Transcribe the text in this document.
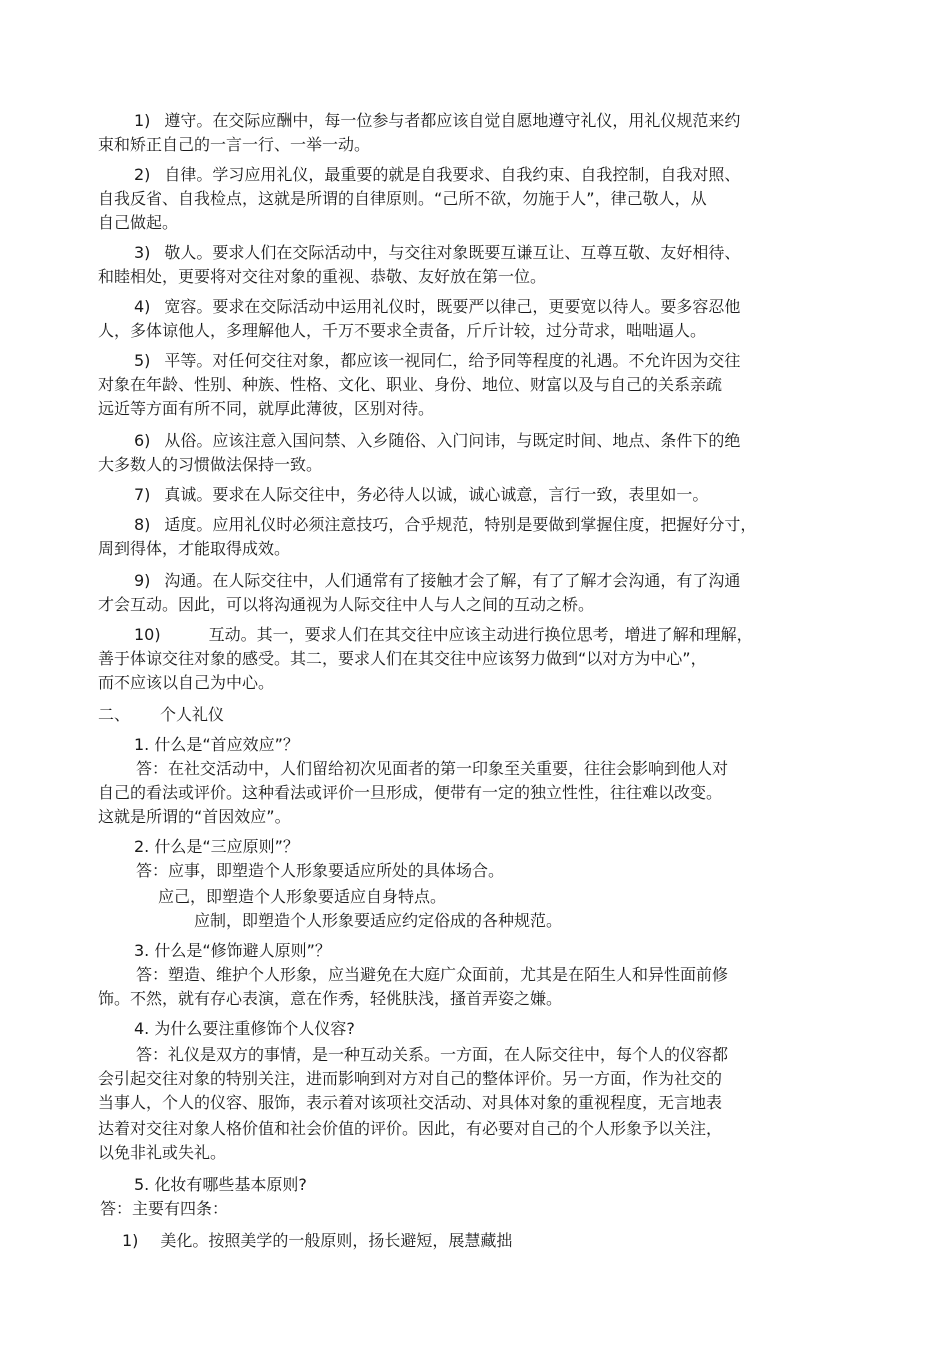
1) 遵守。在交际应酬中，每一位参与者都应该自觉自愿地遵守礼仪，用礼仪规范来约
束和矫正自己的一言一行、一举一动。
2) 自律。学习应用礼仪，最重要的就是自我要求、自我约束、自我控制，自我对照、
自我反省、自我检点，这就是所谓的自律原则。“己所不欲，勿施于人”，律己敬人，从
自己做起。
3) 敬人。要求人们在交际活动中，与交往对象既要互谦互让、互尊互敬、友好相待、
和睦相处，更要将对交往对象的重视、恭敬、友好放在第一位。
4) 宽容。要求在交际活动中运用礼仪时，既要严以律己，更要宽以待人。要多容忍他
人，多体谅他人，多理解他人，千万不要求全责备，斤斤计较，过分苛求，咄咄逼人。
5) 平等。对任何交往对象，都应该一视同仁，给予同等程度的礼遇。不允许因为交往
对象在年龄、性别、种族、性格、文化、职业、身份、地位、财富以及与自己的关系亲疏
远近等方面有所不同，就厚此薄彼，区别对待。
6) 从俗。应该注意入国问禁、入乡随俗、入门问讳，与既定时间、地点、条件下的绝
大多数人的习惯做法保持一致。
7) 真诚。要求在人际交往中，务必待人以诚，诚心诚意，言行一致，表里如一。
8) 适度。应用礼仪时必须注意技巧，合乎规范，特别是要做到掌握住度，把握好分寸，
周到得体，才能取得成效。
9) 沟通。在人际交往中，人们通常有了接触才会了解，有了了解才会沟通，有了沟通
才会互动。因此，可以将沟通视为人际交往中人与人之间的互动之桥。
10)	互动。其一，要求人们在其交往中应该主动进行换位思考，增进了解和理解，
善于体谅交往对象的感受。其二，要求人们在其交往中应该努力做到“以对方为中心”，
而不应该以自己为中心。
二、 个人礼仪
1. 什么是“首应效应”？
答：在社交活动中，人们留给初次见面者的第一印象至关重要，往往会影响到他人对
自己的看法或评价。这种看法或评价一旦形成，便带有一定的独立性性，往往难以改变。
这就是所谓的“首因效应”。
2. 什么是“三应原则”？
答：应事，即塑造个人形象要适应所处的具体场合。
应己，即塑造个人形象要适应自身特点。
应制，即塑造个人形象要适应约定俗成的各种规范。
3. 什么是“修饰避人原则”？
答：塑造、维护个人形象，应当避免在大庭广众面前，尤其是在陌生人和异性面前修
饰。不然，就有存心表演，意在作秀，轻佻肤浅，搔首弄姿之嫌。
4. 为什么要注重修饰个人仪容?
答：礼仪是双方的事情，是一种互动关系。一方面，在人际交往中，每个人的仪容都
会引起交往对象的特别关注，进而影响到对方对自己的整体评价。另一方面，作为社交的
当事人，个人的仪容、服饰，表示着对该项社交活动、对具体对象的重视程度，无言地表
达着对交往对象人格价值和社会价值的评价。因此，有必要对自己的个人形象予以关注，
以免非礼或失礼。
5. 化妆有哪些基本原则?
答：主要有四条：
1) 美化。按照美学的一般原则，扬长避短，展慧藏拙
